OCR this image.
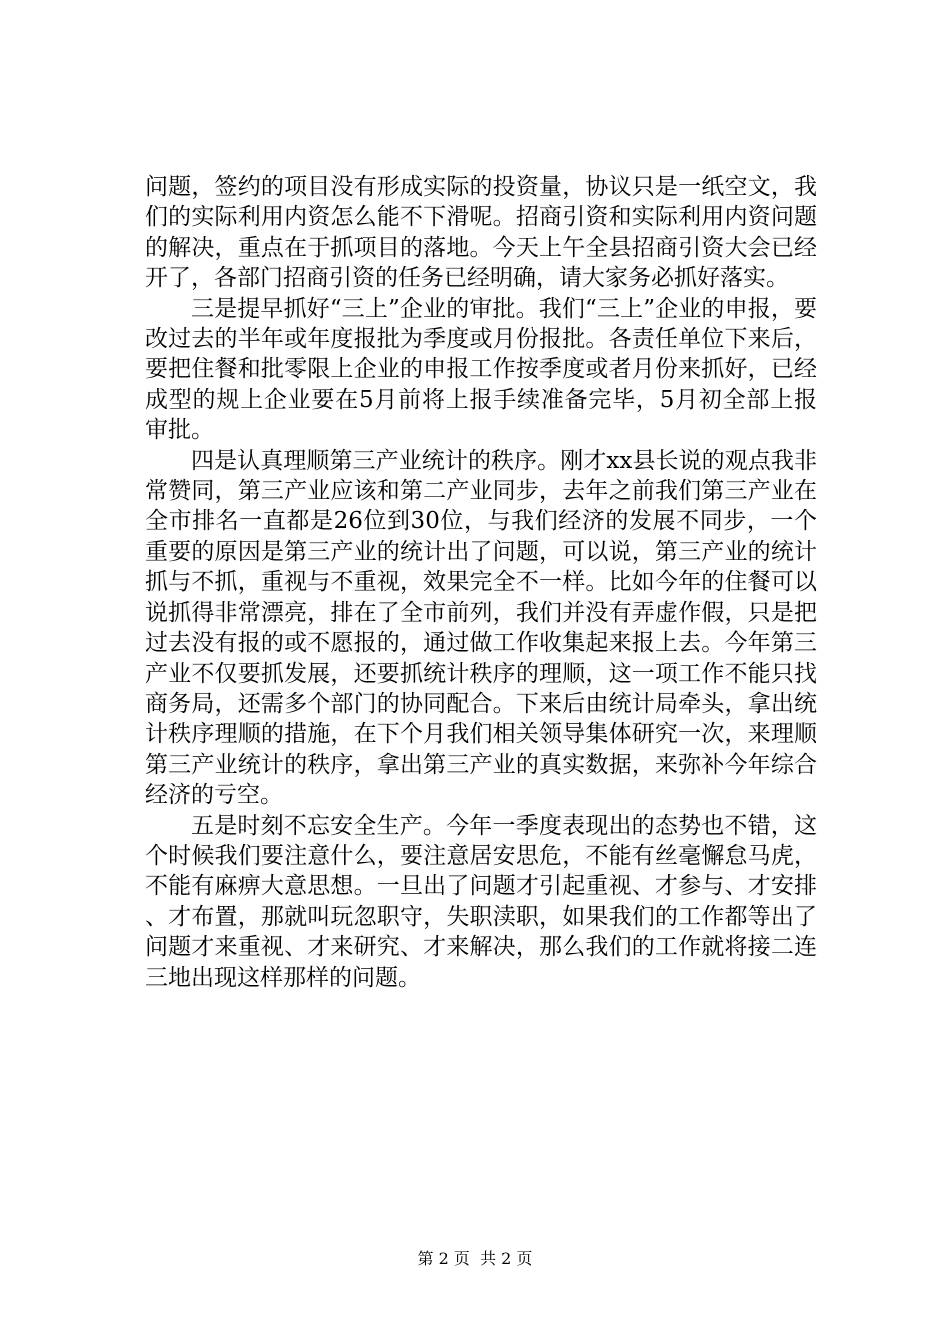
问题，签约的项目没有形成实际的投资量，协议只是一纸空文，我们的实际利用内资怎么能不下滑呢。招商引资和实际利用内资问题的解决，重点在于抓项目的落地。今天上午全县招商引资大会已经开了，各部门招商引资的任务已经明确，请大家务必抓好落实。

三是提早抓好“三上”企业的审批。我们“三上”企业的申报，要改过去的半年或年度报批为季度或月份报批。各责任单位下来后，要把住餐和批零限上企业的申报工作按季度或者月份来抓好，已经成型的规上企业要在5月前将上报手续准备完毕，5月初全部上报审批。

四是认真理顺第三产业统计的秩序。刚才xx县长说的观点我非常赞同，第三产业应该和第二产业同步，去年之前我们第三产业在全市排名一直都是26位到30位，与我们经济的发展不同步，一个重要的原因是第三产业的统计出了问题，可以说，第三产业的统计抓与不抓，重视与不重视，效果完全不一样。比如今年的住餐可以说抓得非常漂亮，排在了全市前列，我们并没有弄虚作假，只是把过去没有报的或不愿报的，通过做工作收集起来报上去。今年第三产业不仅要抓发展，还要抓统计秩序的理顺，这一项工作不能只找商务局，还需多个部门的协同配合。下来后由统计局牵头，拿出统计秩序理顺的措施，在下个月我们相关领导集体研究一次，来理顺第三产业统计的秩序，拿出第三产业的真实数据，来弥补今年综合经济的亏空。

五是时刻不忘安全生产。今年一季度表现出的态势也不错，这个时候我们要注意什么，要注意居安思危，不能有丝毫懈怠马虎，不能有麻痹大意思想。一旦出了问题才引起重视、才参与、才安排、才布置，那就叫玩忽职守，失职渎职，如果我们的工作都等出了问题才来重视、才来研究、才来解决，那么我们的工作就将接二连三地出现这样那样的问题。

第 2 页  共 2 页
